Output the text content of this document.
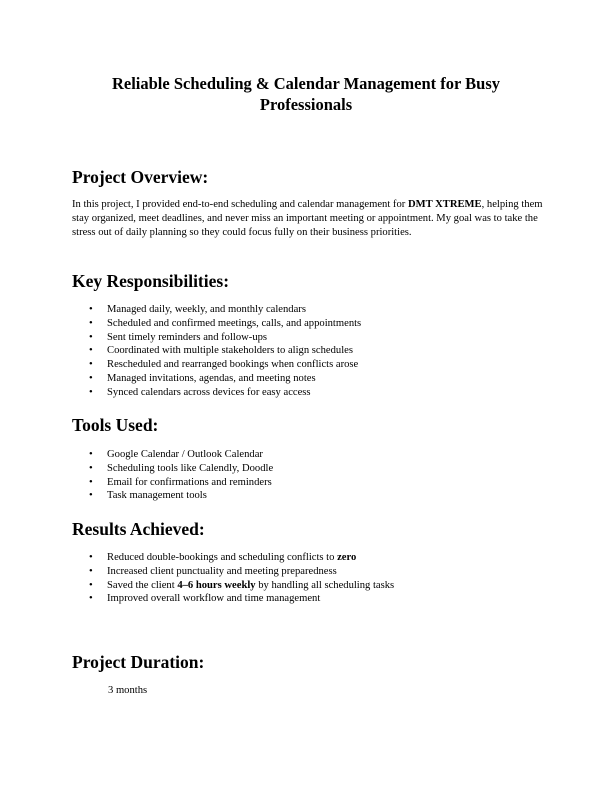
Reliable Scheduling & Calendar Management for Busy
Professionals
Project Overview:
In this project, I provided end-to-end scheduling and calendar management for DMT XTREME, helping them stay organized, meet deadlines, and never miss an important meeting or appointment. My goal was to take the stress out of daily planning so they could focus fully on their business priorities.
Key Responsibilities:
• Managed daily, weekly, and monthly calendars
• Scheduled and confirmed meetings, calls, and appointments
• Sent timely reminders and follow-ups
• Coordinated with multiple stakeholders to align schedules
• Rescheduled and rearranged bookings when conflicts arose
• Managed invitations, agendas, and meeting notes
• Synced calendars across devices for easy access
Tools Used:
• Google Calendar / Outlook Calendar
• Scheduling tools like Calendly, Doodle
• Email for confirmations and reminders
• Task management tools
Results Achieved:
• Reduced double-bookings and scheduling conflicts to zero
• Increased client punctuality and meeting preparedness
• Saved the client 4–6 hours weekly by handling all scheduling tasks
• Improved overall workflow and time management
Project Duration:
3 months
